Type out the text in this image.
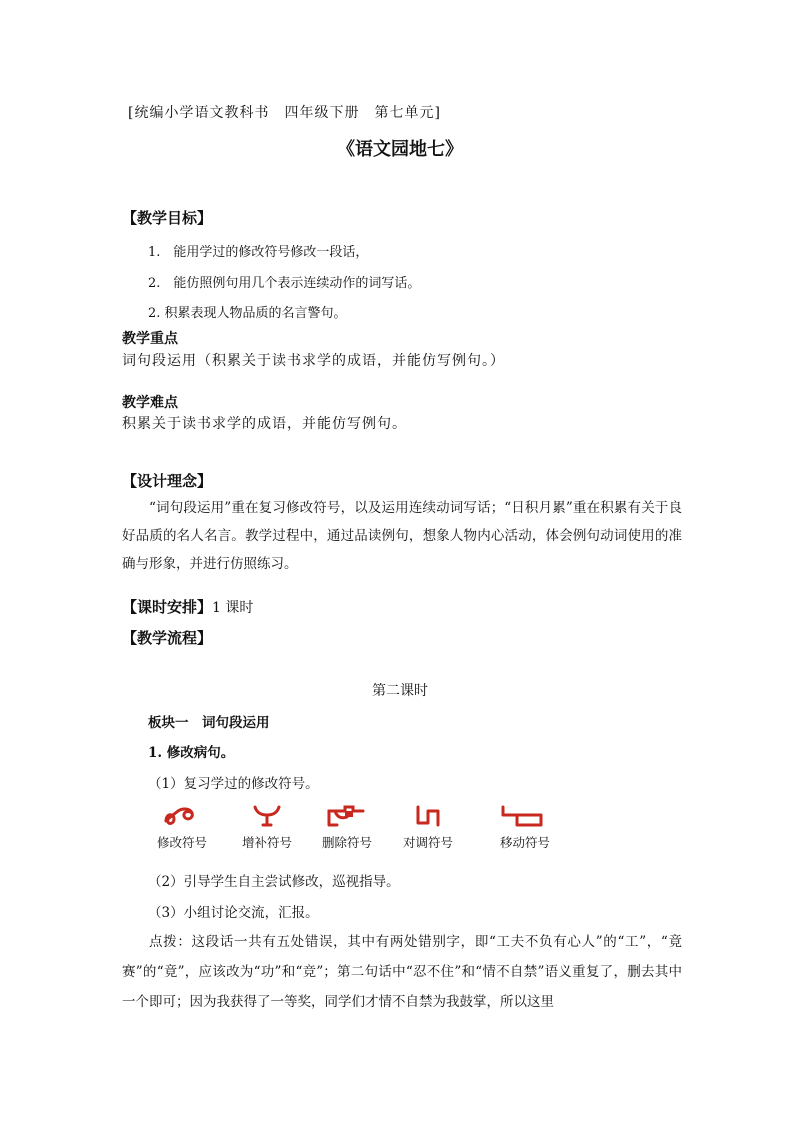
[统编小学语文教科书　四年级下册　第七单元]
《语文园地七》
【教学目标】
1.　能用学过的修改符号修改一段话，
2.　能仿照例句用几个表示连续动作的词写话。
2. 积累表现人物品质的名言警句。
教学重点
词句段运用（积累关于读书求学的成语，并能仿写例句。）
教学难点
积累关于读书求学的成语，并能仿写例句。
【设计理念】

“词句段运用”重在复习修改符号，以及运用连续动词写话；“日积月累”重在积累有关于良好品质的名人名言。教学过程中，通过品读例句，想象人物内心活动，体会例句动词使用的准确与形象，并进行仿照练习。

【课时安排】1 课时
【教学流程】
第二课时
板块一　词句段运用
1. 修改病句。
（1）复习学过的修改符号。
修改符号	增补符号	删除符号	对调符号	移动符号
（2）引导学生自主尝试修改，巡视指导。
（3）小组讨论交流，汇报。

点拨：这段话一共有五处错误，其中有两处错别字，即“工夫不负有心人”的“工”，“竟赛”的“竟”，应该改为“功”和“竞”；第二句话中“忍不住”和“情不自禁”语义重复了，删去其中一个即可；因为我获得了一等奖，同学们才情不自禁为我鼓掌，所以这里
